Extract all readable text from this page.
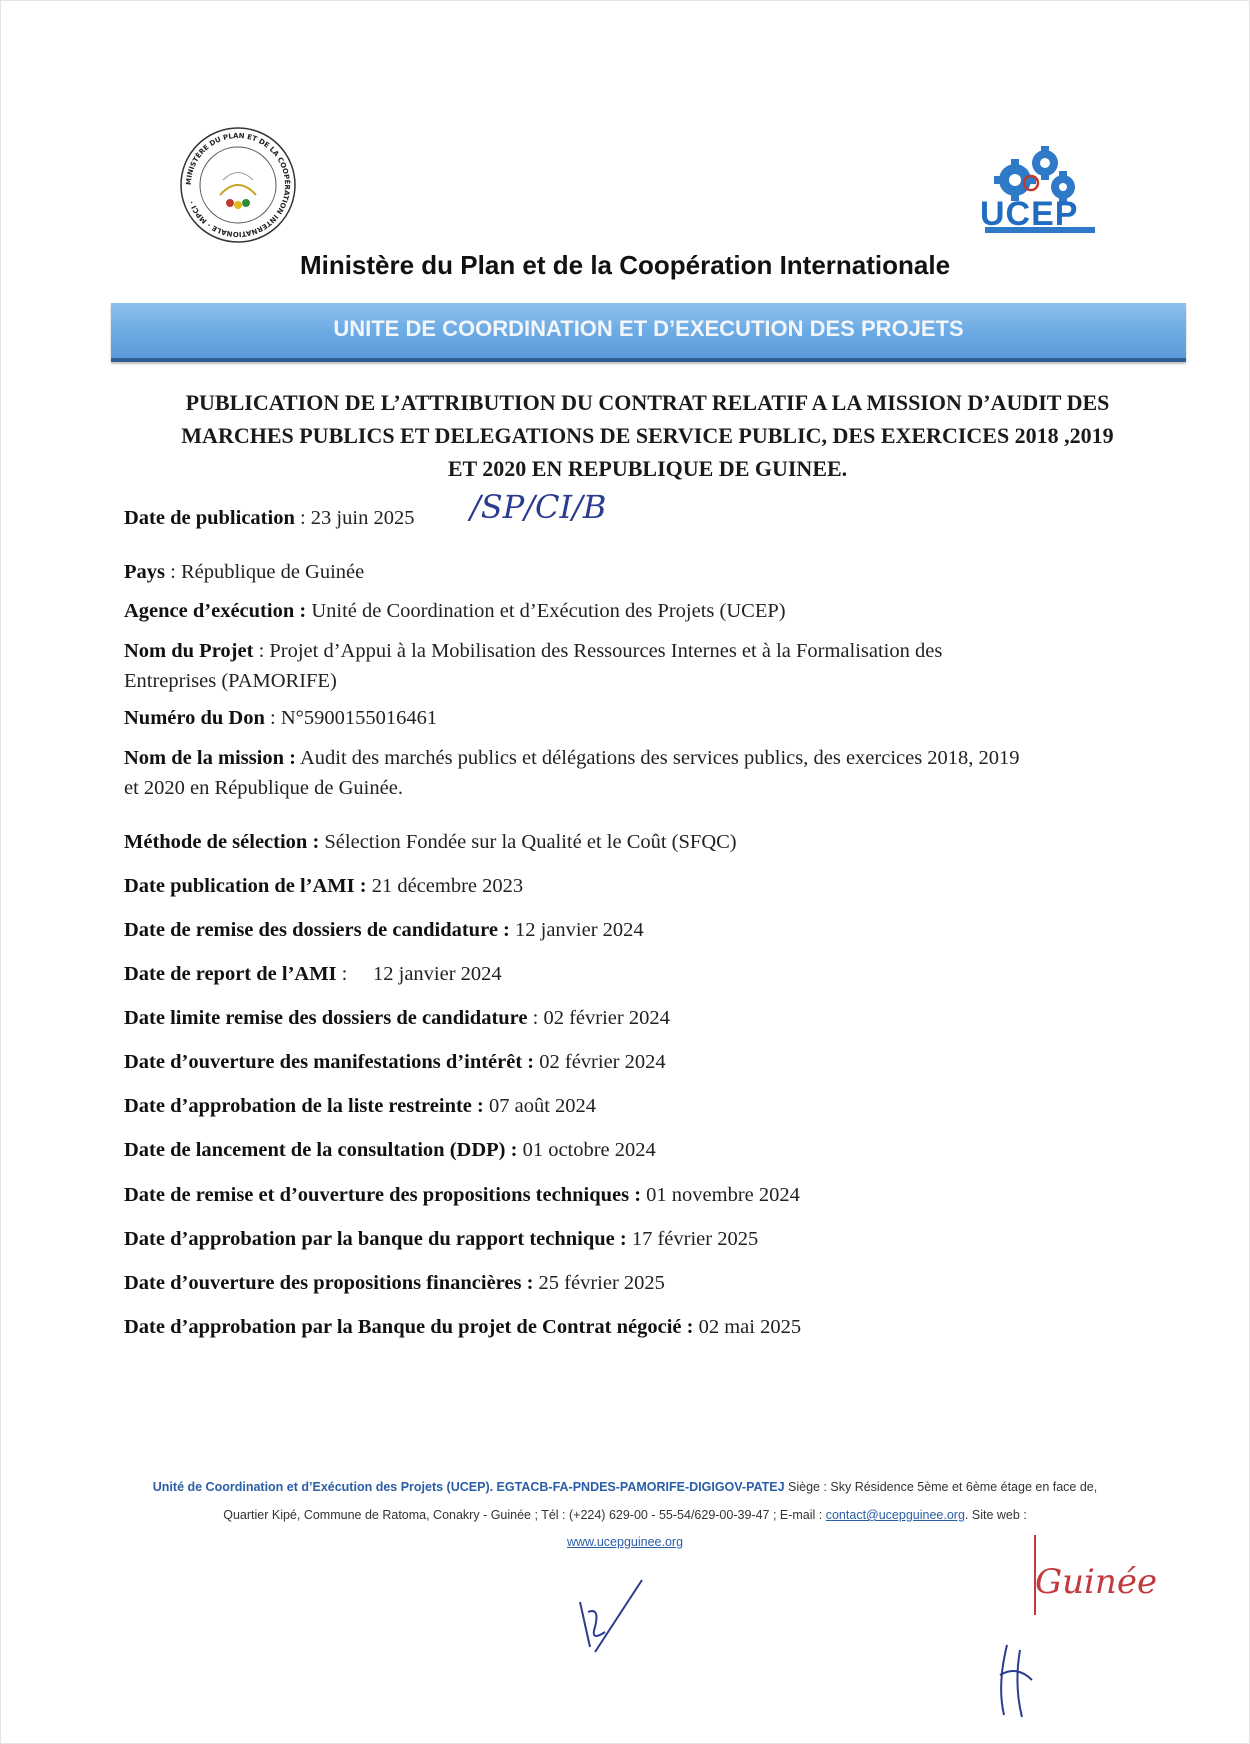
MINISTÈRE DU PLAN ET DE LA COOPÉRATION INTERNATIONALE · MPCI ·	UCEP
Ministère du Plan et de la Coopération Internationale
UNITE DE COORDINATION ET D’EXECUTION DES PROJETS
PUBLICATION DE L’ATTRIBUTION DU CONTRAT RELATIF A LA MISSION D’AUDIT DES
MARCHES PUBLICS ET DELEGATIONS DE SERVICE PUBLIC, DES EXERCICES 2018 ,2019
ET 2020 EN REPUBLIQUE DE GUINEE.
Date de publication : 23 juin 2025	/SP/CI/B
Pays : République de Guinée
Agence d’exécution : Unité de Coordination et d’Exécution des Projets (UCEP)
Nom du Projet : Projet d’Appui à la Mobilisation des Ressources Internes et à la Formalisation des
Entreprises (PAMORIFE)
Numéro du Don : N°5900155016461
Nom de la mission : Audit des marchés publics et délégations des services publics, des exercices 2018, 2019
et 2020 en République de Guinée.
Méthode de sélection : Sélection Fondée sur la Qualité et le Coût (SFQC)
Date publication de l’AMI : 21 décembre 2023
Date de remise des dossiers de candidature : 12 janvier 2024
Date de report de l’AMI :     12 janvier 2024
Date limite remise des dossiers de candidature : 02 février 2024
Date d’ouverture des manifestations d’intérêt : 02 février 2024
Date d’approbation de la liste restreinte : 07 août 2024
Date de lancement de la consultation (DDP) : 01 octobre 2024
Date de remise et d’ouverture des propositions techniques : 01 novembre 2024
Date d’approbation par la banque du rapport technique : 17 février 2025
Date d’ouverture des propositions financières : 25 février 2025
Date d’approbation par la Banque du projet de Contrat négocié : 02 mai 2025
Unité de Coordination et d’Exécution des Projets (UCEP). EGTACB-FA-PNDES-PAMORIFE-DIGIGOV-PATEJ Siège : Sky Résidence 5ème et 6ème étage en face de,
Quartier Kipé, Commune de Ratoma, Conakry - Guinée ; Tél : (+224) 629-00 - 55-54/629-00-39-47 ; E-mail : contact@ucepguinee.org. Site web :
www.ucepguinee.org
Guinée
